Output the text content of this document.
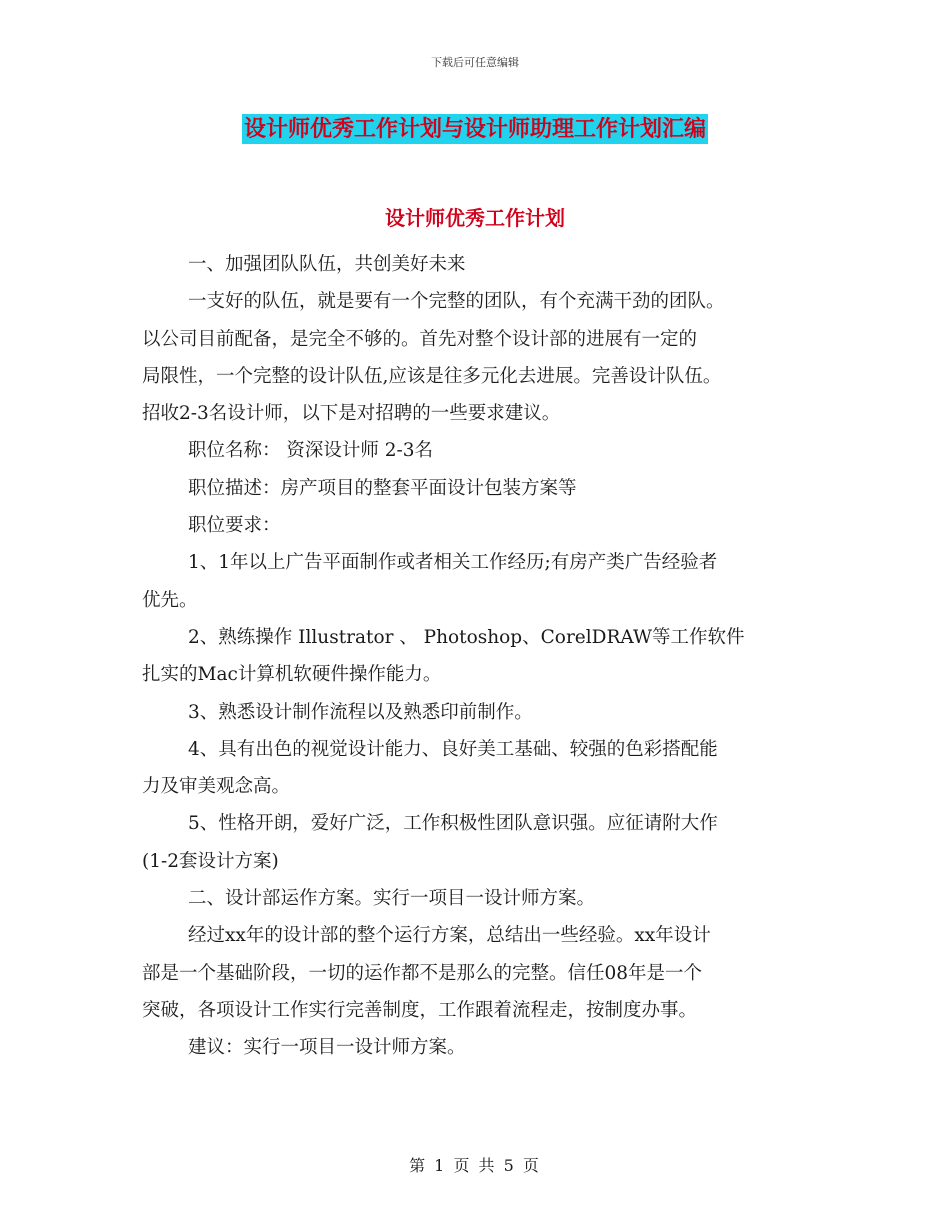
下载后可任意编辑
设计师优秀工作计划与设计师助理工作计划汇编
设计师优秀工作计划

一、加强团队队伍，共创美好未来

一支好的队伍，就是要有一个完整的团队，有个充满干劲的团队。

以公司目前配备，是完全不够的。首先对整个设计部的进展有一定的

局限性，一个完整的设计队伍,应该是往多元化去进展。完善设计队伍。

招收2-3名设计师，以下是对招聘的一些要求建议。

职位名称： 资深设计师 2-3名

职位描述：房产项目的整套平面设计包装方案等

职位要求：

1、1年以上广告平面制作或者相关工作经历;有房产类广告经验者

优先。

2、熟练操作 Illustrator 、 Photoshop、CorelDRAW等工作软件

扎实的Mac计算机软硬件操作能力。

3、熟悉设计制作流程以及熟悉印前制作。

4、具有出色的视觉设计能力、良好美工基础、较强的色彩搭配能

力及审美观念高。

5、性格开朗，爱好广泛，工作积极性团队意识强。应征请附大作

(1-2套设计方案)

二、设计部运作方案。实行一项目一设计师方案。

经过xx年的设计部的整个运行方案，总结出一些经验。xx年设计

部是一个基础阶段，一切的运作都不是那么的完整。信任08年是一个

突破，各项设计工作实行完善制度，工作跟着流程走，按制度办事。

建议：实行一项目一设计师方案。

第 1 页 共 5 页
